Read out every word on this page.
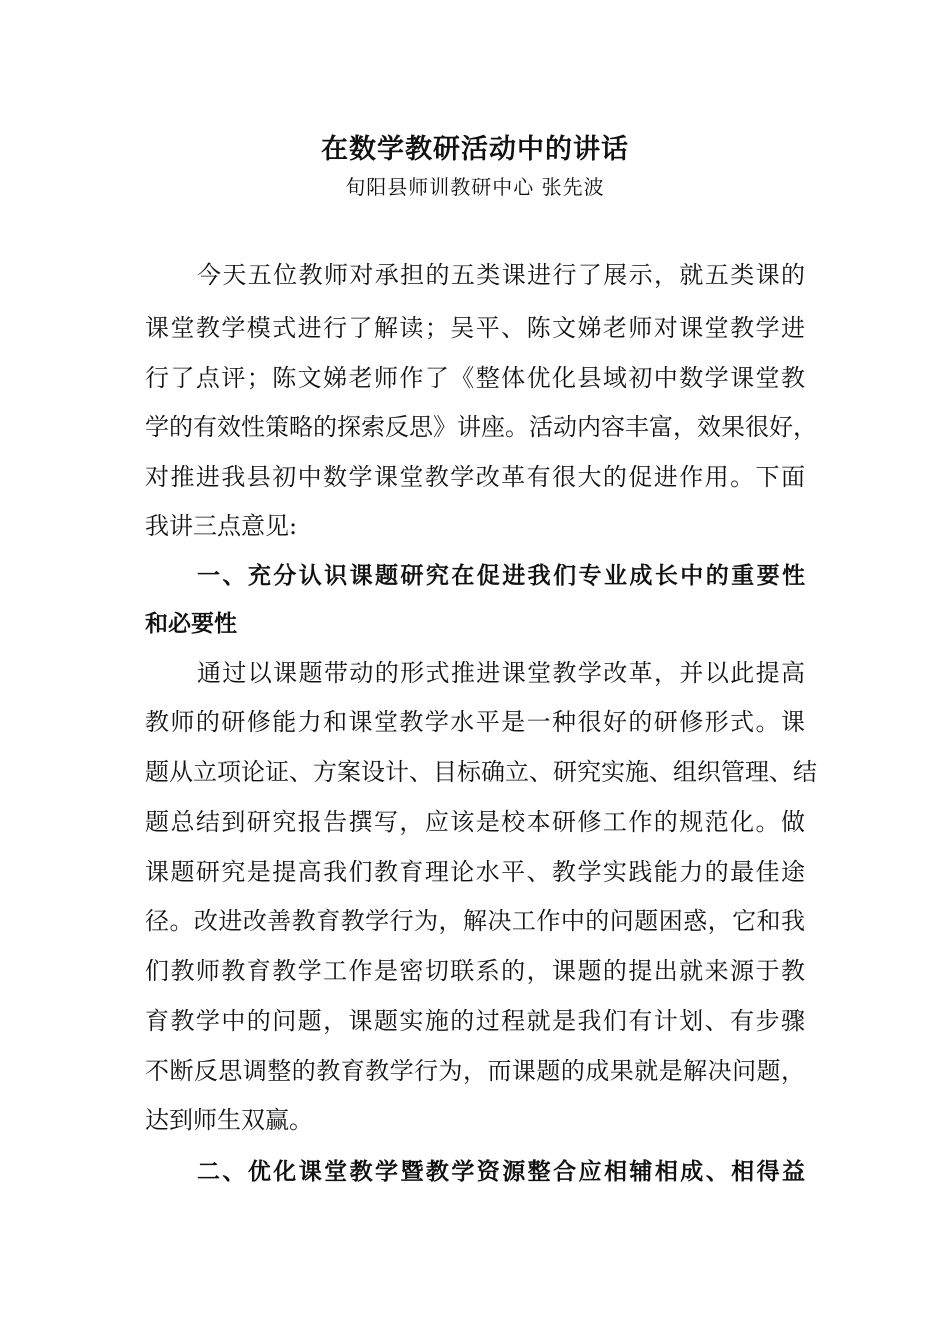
在数学教研活动中的讲话
旬阳县师训教研中心 张先波
今天五位教师对承担的五类课进行了展示，就五类课的
课堂教学模式进行了解读；吴平、陈文娣老师对课堂教学进
行了点评；陈文娣老师作了《整体优化县域初中数学课堂教
学的有效性策略的探索反思》讲座。活动内容丰富，效果很好，
对推进我县初中数学课堂教学改革有很大的促进作用。下面
我讲三点意见:
一、充分认识课题研究在促进我们专业成长中的重要性
和必要性
通过以课题带动的形式推进课堂教学改革，并以此提高
教师的研修能力和课堂教学水平是一种很好的研修形式。课
题从立项论证、方案设计、目标确立、研究实施、组织管理、结
题总结到研究报告撰写，应该是校本研修工作的规范化。做
课题研究是提高我们教育理论水平、教学实践能力的最佳途
径。改进改善教育教学行为，解决工作中的问题困惑，它和我
们教师教育教学工作是密切联系的，课题的提出就来源于教
育教学中的问题，课题实施的过程就是我们有计划、有步骤
不断反思调整的教育教学行为，而课题的成果就是解决问题，
达到师生双赢。
二、优化课堂教学暨教学资源整合应相辅相成、相得益
